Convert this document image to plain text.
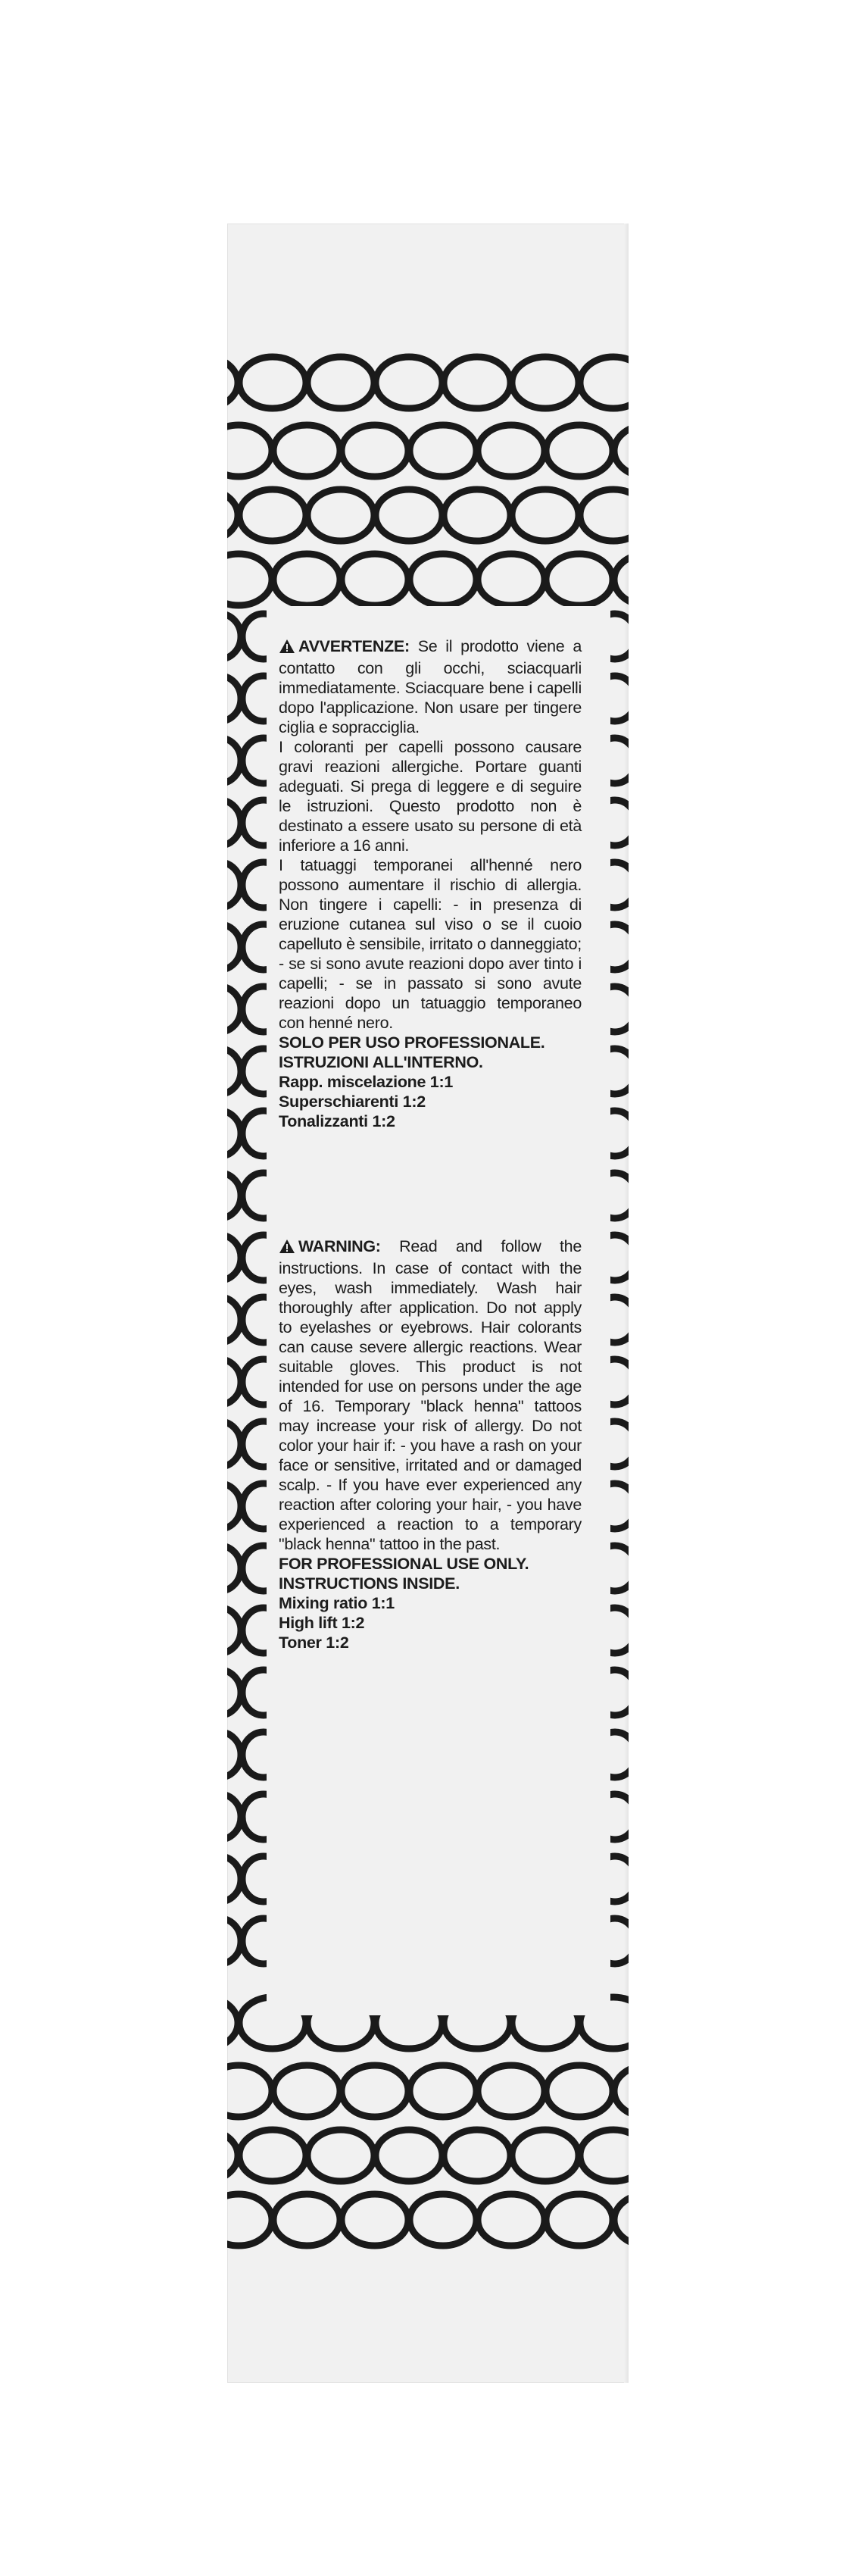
AVVERTENZE: Se il prodotto viene a contatto con gli occhi, sciacquarli immediatamente. Sciacquare bene i capelli dopo l'applicazione. Non usare per tingere ciglia e sopracciglia.

I coloranti per capelli possono causare gravi reazioni allergiche. Portare guanti adeguati. Si prega di leggere e di seguire le istruzioni. Questo prodotto non è destinato a essere usato su persone di età inferiore a 16 anni.

I tatuaggi temporanei all'henné nero possono aumentare il rischio di allergia. Non tingere i capelli: - in presenza di eruzione cutanea sul viso o se il cuoio capelluto è sensibile, irritato o danneggiato; - se si sono avute reazioni dopo aver tinto i capelli; - se in passato si sono avute reazioni dopo un tatuaggio temporaneo con henné nero.

SOLO PER USO PROFESSIONALE.

ISTRUZIONI ALL'INTERNO.

Rapp. miscelazione 1:1

Superschiarenti 1:2

Tonalizzanti 1:2

WARNING: Read and follow the instructions. In case of contact with the eyes, wash immediately. Wash hair thoroughly after application. Do not apply to eyelashes or eyebrows. Hair colorants can cause severe allergic reactions. Wear suitable gloves. This product is not intended for use on persons under the age of 16. Temporary "black henna" tattoos may increase your risk of allergy. Do not color your hair if: - you have a rash on your face or sensitive, irritated and or damaged scalp. - If you have ever experienced any reaction after coloring your hair, - you have experienced a reaction to a temporary "black henna" tattoo in the past.

FOR PROFESSIONAL USE ONLY.

INSTRUCTIONS INSIDE.

Mixing ratio 1:1

High lift 1:2

Toner 1:2
